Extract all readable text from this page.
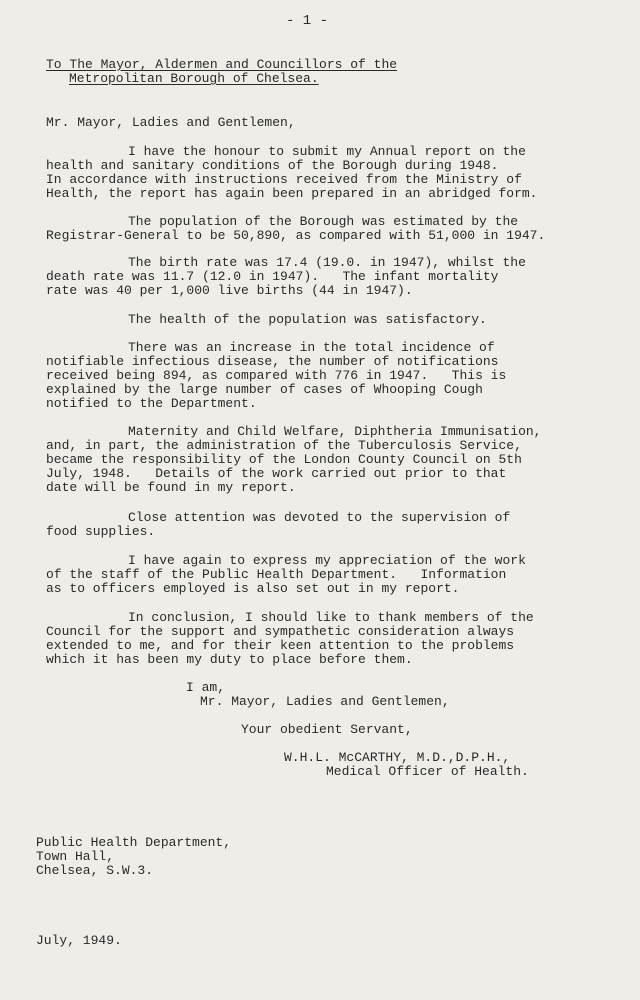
- 1 -

To The Mayor, Aldermen and Councillors of the

Metropolitan Borough of Chelsea.

Mr. Mayor, Ladies and Gentlemen,

I have the honour to submit my Annual report on the

health and sanitary conditions of the Borough during 1948.

In accordance with instructions received from the Ministry of

Health, the report has again been prepared in an abridged form.

The population of the Borough was estimated by the

Registrar-General to be 50,890, as compared with 51,000 in 1947.

The birth rate was 17.4 (19.0. in 1947), whilst the

death rate was 11.7 (12.0 in 1947).   The infant mortality

rate was 40 per 1,000 live births (44 in 1947).

The health of the population was satisfactory.

There was an increase in the total incidence of

notifiable infectious disease, the number of notifications

received being 894, as compared with 776 in 1947.   This is

explained by the large number of cases of Whooping Cough

notified to the Department.

Maternity and Child Welfare, Diphtheria Immunisation,

and, in part, the administration of the Tuberculosis Service,

became the responsibility of the London County Council on 5th

July, 1948.   Details of the work carried out prior to that

date will be found in my report.

Close attention was devoted to the supervision of

food supplies.

I have again to express my appreciation of the work

of the staff of the Public Health Department.   Information

as to officers employed is also set out in my report.

In conclusion, I should like to thank members of the

Council for the support and sympathetic consideration always

extended to me, and for their keen attention to the problems

which it has been my duty to place before them.

I am,

Mr. Mayor, Ladies and Gentlemen,

Your obedient Servant,

W.H.L. McCARTHY, M.D.,D.P.H.,

Medical Officer of Health.

Public Health Department,

Town Hall,

Chelsea, S.W.3.

July, 1949.
